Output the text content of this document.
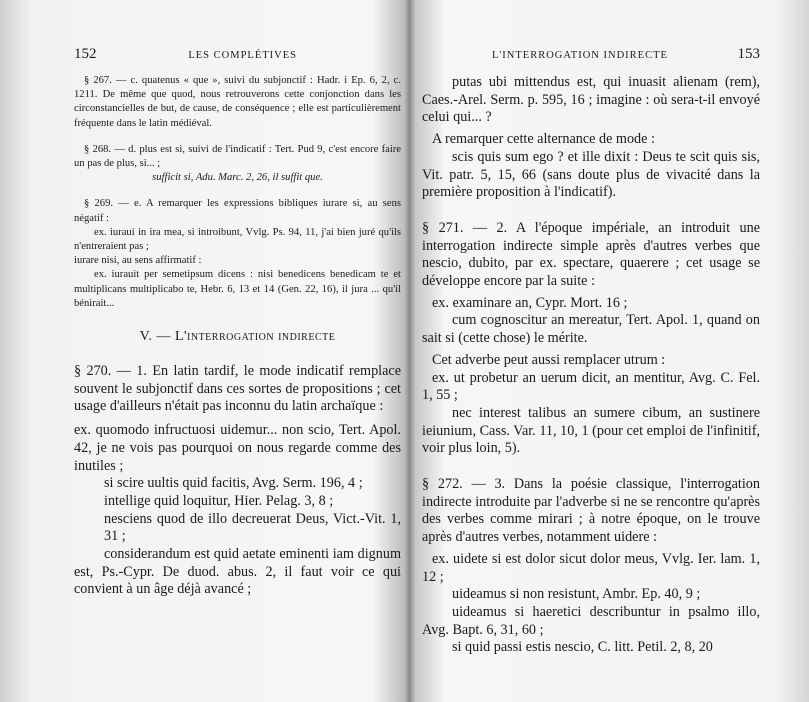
152	LES COMPLÉTIVES

§ 267. — c. quatenus « que », suivi du subjonctif : Hadr. i Ep. 6, 2, c. 1211. De même que quod, nous retrouverons cette conjonction dans les circonstancielles de but, de cause, de conséquence ; elle est particulièrement fréquente dans le latin médiéval.

§ 268. — d. plus est si, suivi de l'indicatif : Tert. Pud 9, c'est encore faire un pas de plus, si... ;

sufficit si, Adu. Marc. 2, 26, il suffit que.

§ 269. — e. A remarquer les expressions bibliques iurare si, au sens négatif :

ex. iuraui in ira mea, si introibunt, Vvlg. Ps. 94, 11, j'ai bien juré qu'ils n'entreraient pas ;

iurare nisi, au sens affirmatif :

ex. iurauit per semetipsum dicens : nisi benedicens benedicam te et multiplicans multiplicabo te, Hebr. 6, 13 et 14 (Gen. 22, 16), il jura ... qu'il bénirait...

V. — L'interrogation indirecte

§ 270. — 1. En latin tardif, le mode indicatif remplace souvent le subjonctif dans ces sortes de propositions ; cet usage d'ailleurs n'était pas inconnu du latin archaïque :

ex. quomodo infructuosi uidemur... non scio, Tert. Apol. 42, je ne vois pas pourquoi on nous regarde comme des inutiles ;

si scire uultis quid facitis, Avg. Serm. 196, 4 ;

intellige quid loquitur, Hier. Pelag. 3, 8 ;

nesciens quod de illo decreuerat Deus, Vict.-Vit. 1, 31 ;

considerandum est quid aetate eminenti iam dignum est, Ps.-Cypr. De duod. abus. 2, il faut voir ce qui convient à un âge déjà avancé ;

L'INTERROGATION INDIRECTE	153

putas ubi mittendus est, qui inuasit alienam (rem), Caes.-Arel. Serm. p. 595, 16 ; imagine : où sera-t-il envoyé celui qui... ?

A remarquer cette alternance de mode :

scis quis sum ego ? et ille dixit : Deus te scit quis sis, Vit. patr. 5, 15, 66 (sans doute plus de vivacité dans la première proposition à l'indicatif).

§ 271. — 2. A l'époque impériale, an introduit une interrogation indirecte simple après d'autres verbes que nescio, dubito, par ex. spectare, quaerere ; cet usage se développe encore par la suite :

ex. examinare an, Cypr. Mort. 16 ;

cum cognoscitur an mereatur, Tert. Apol. 1, quand on sait si (cette chose) le mérite.

Cet adverbe peut aussi remplacer utrum :

ex. ut probetur an uerum dicit, an mentitur, Avg. C. Fel. 1, 55 ;

nec interest talibus an sumere cibum, an sustinere ieiunium, Cass. Var. 11, 10, 1 (pour cet emploi de l'infinitif, voir plus loin, 5).

§ 272. — 3. Dans la poésie classique, l'interrogation indirecte introduite par l'adverbe si ne se rencontre qu'après des verbes comme mirari ; à notre époque, on le trouve après d'autres verbes, notamment uidere :

ex. uidete si est dolor sicut dolor meus, Vvlg. Ier. lam. 1, 12 ;

uideamus si non resistunt, Ambr. Ep. 40, 9 ;

uideamus si haeretici describuntur in psalmo illo, Avg. Bapt. 6, 31, 60 ;

si quid passi estis nescio, C. litt. Petil. 2, 8, 20
